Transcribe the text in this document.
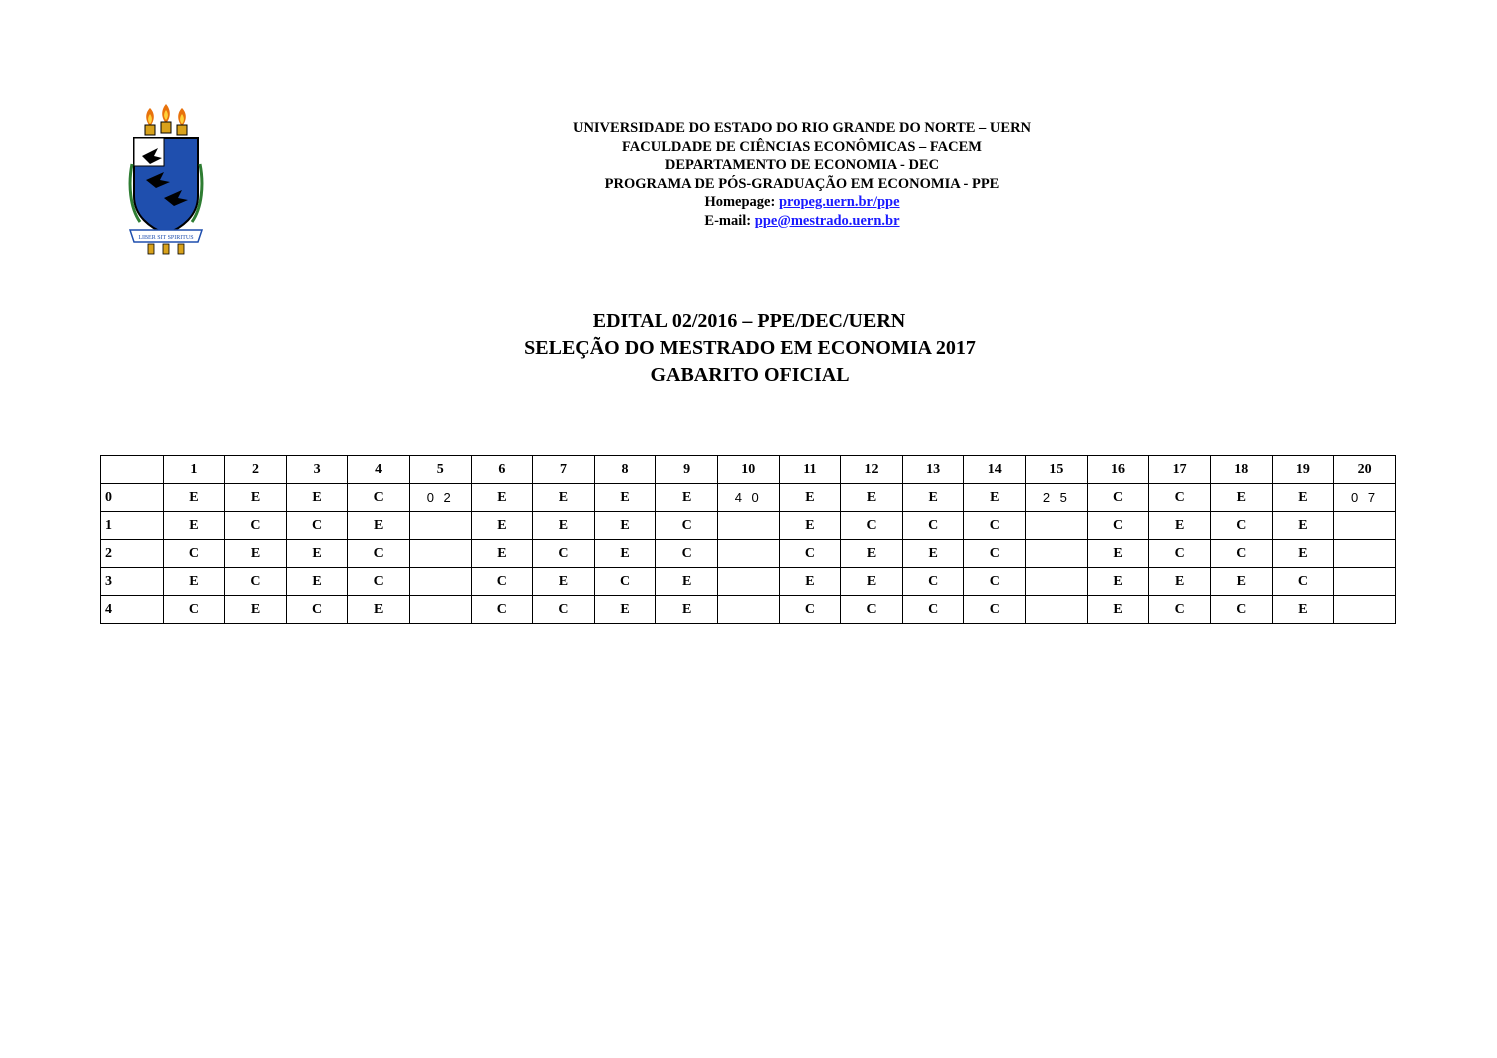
LIBER SIT SPIRITUS
UNIVERSIDADE DO ESTADO DO RIO GRANDE DO NORTE – UERN
FACULDADE DE CIÊNCIAS ECONÔMICAS – FACEM
DEPARTAMENTO DE ECONOMIA - DEC
PROGRAMA DE PÓS-GRADUAÇÃO EM ECONOMIA - PPE
Homepage: propeg.uern.br/ppe
E-mail: ppe@mestrado.uern.br
EDITAL 02/2016 – PPE/DEC/UERN
SELEÇÃO DO MESTRADO EM ECONOMIA 2017
GABARITO OFICIAL
	1	2	3	4	5	6	7	8	9	10	11	12	13	14	15	16	17	18	19	20
0	E	E	E	C	0 2	E	E	E	E	4 0	E	E	E	E	2 5	C	C	E	E	0 7
1	E	C	C	E		E	E	E	C		E	C	C	C		C	E	C	E	
2	C	E	E	C		E	C	E	C		C	E	E	C		E	C	C	E	
3	E	C	E	C		C	E	C	E		E	E	C	C		E	E	E	C	
4	C	E	C	E		C	C	E	E		C	C	C	C		E	C	C	E	
